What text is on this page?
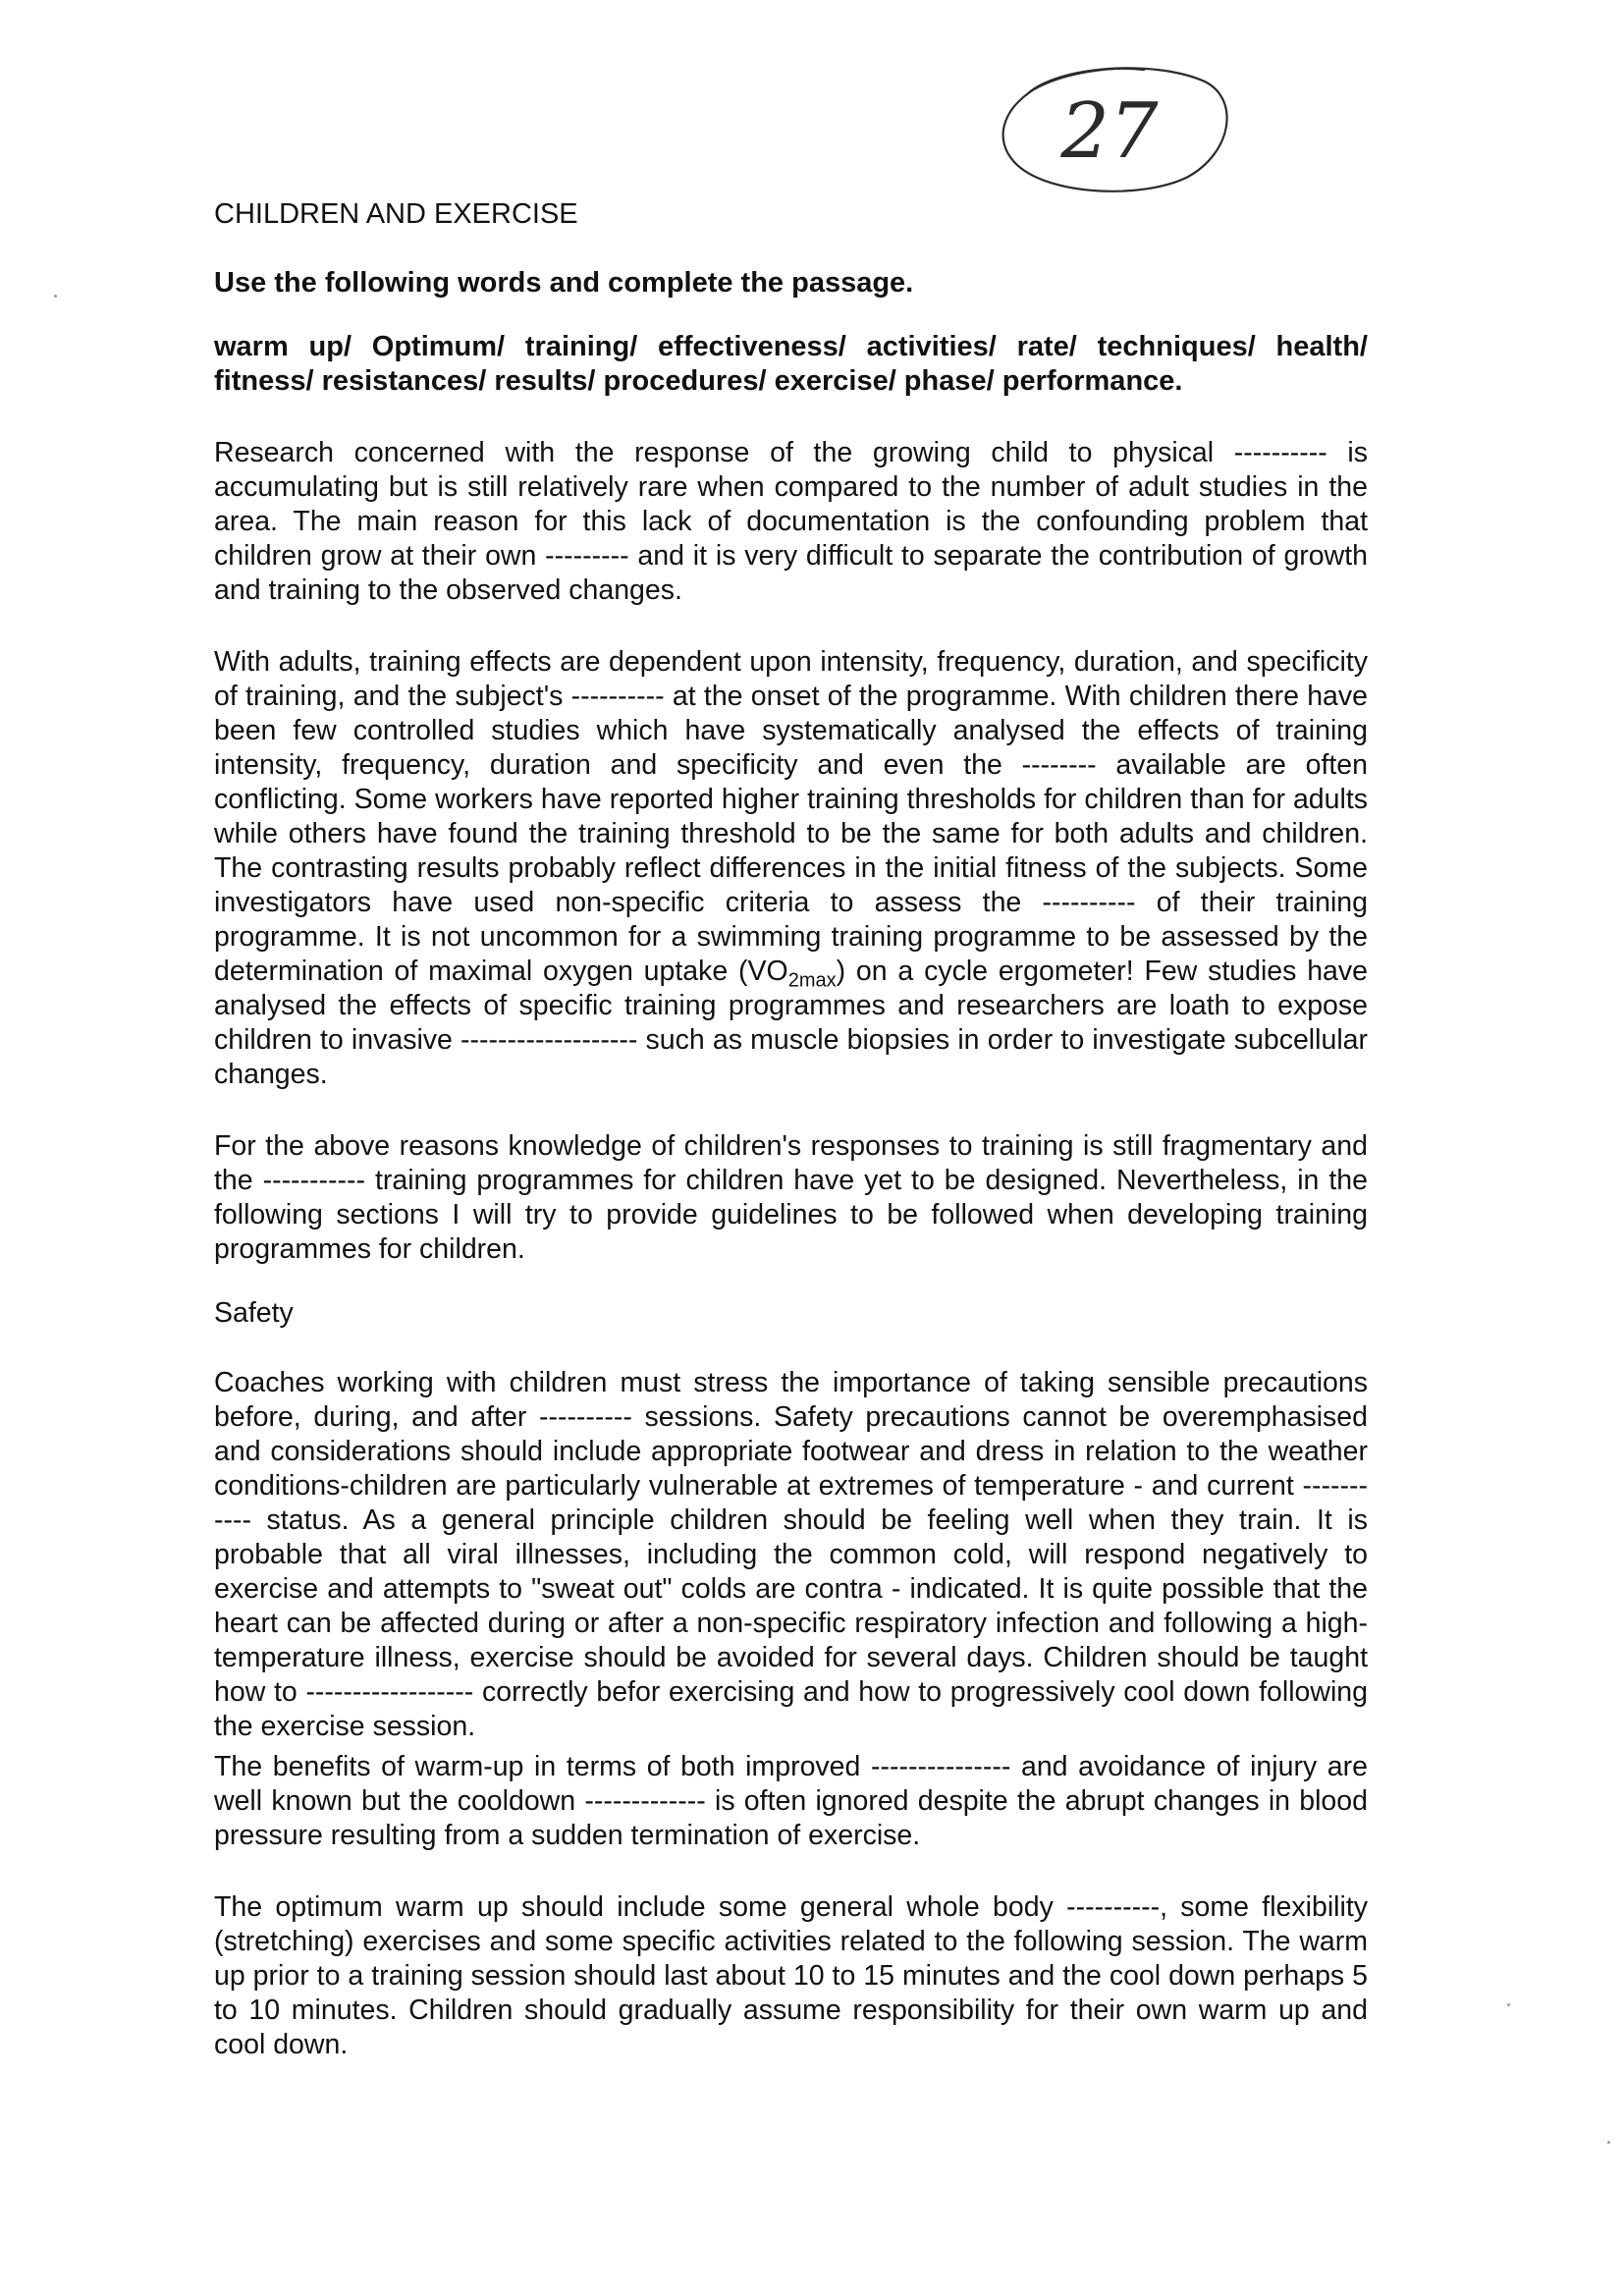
27

CHILDREN AND EXERCISE

Use the following words and complete the passage.

warm up/ Optimum/ training/ effectiveness/ activities/ rate/ techniques/ health/ fitness/ resistances/ results/ procedures/ exercise/ phase/ performance.

Research concerned with the response of the growing child to physical ---------- is accumulating but is still relatively rare when compared to the number of adult studies in the area. The main reason for this lack of documentation is the confounding problem that children grow at their own --------- and it is very difficult to separate the contribution of growth and training to the observed changes.

With adults, training effects are dependent upon intensity, frequency, duration, and specificity of training, and the subject's ---------- at the onset of the programme. With children there have been few controlled studies which have systematically analysed the effects of training intensity, frequency, duration and specificity and even the -------- available are often conflicting. Some workers have reported higher training thresholds for children than for adults while others have found the training threshold to be the same for both adults and children. The contrasting results probably reflect differences in the initial fitness of the subjects. Some investigators have used non-specific criteria to assess the ---------- of their training programme. It is not uncommon for a swimming training programme to be assessed by the determination of maximal oxygen uptake $(VO_{2max})$ on a cycle ergometer! Few studies have analysed the effects of specific training programmes and researchers are loath to expose children to invasive ------------------- such as muscle biopsies in order to investigate subcellular changes.

For the above reasons knowledge of children's responses to training is still fragmentary and the ----------- training programmes for children have yet to be designed. Nevertheless, in the following sections I will try to provide guidelines to be followed when developing training programmes for children.

Safety

Coaches working with children must stress the importance of taking sensible precautions before, during, and after ---------- sessions. Safety precautions cannot be overemphasised and considerations should include appropriate footwear and dress in relation to the weather conditions-children are particularly vulnerable at extremes of temperature - and current ----------- status. As a general principle children should be feeling well when they train. It is probable that all viral illnesses, including the common cold, will respond negatively to exercise and attempts to "sweat out" colds are contra - indicated. It is quite possible that the heart can be affected during or after a non-specific respiratory infection and following a high-temperature illness, exercise should be avoided for several days. Children should be taught how to ------------------ correctly befor exercising and how to progressively cool down following the exercise session.

The benefits of warm-up in terms of both improved --------------- and avoidance of injury are well known but the cooldown ------------- is often ignored despite the abrupt changes in blood pressure resulting from a sudden termination of exercise.

The optimum warm up should include some general whole body ----------, some flexibility (stretching) exercises and some specific activities related to the following session. The warm up prior to a training session should last about 10 to 15 minutes and the cool down perhaps 5 to 10 minutes. Children should gradually assume responsibility for their own warm up and cool down.
